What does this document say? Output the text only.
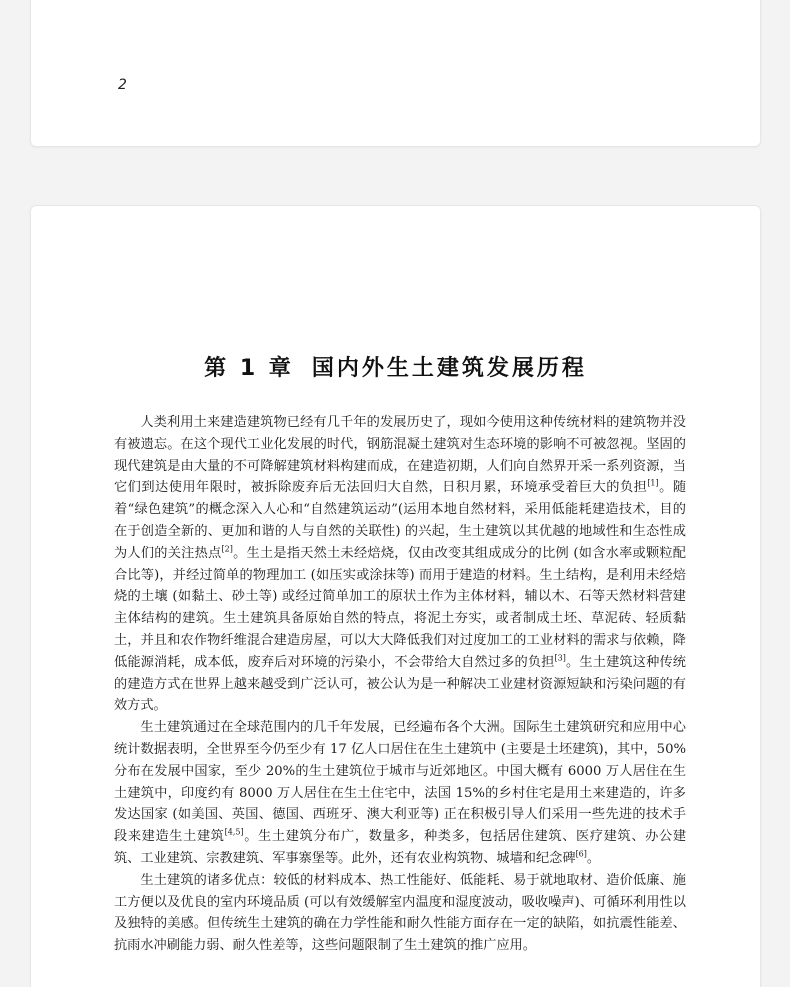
2
第 1 章 国内外生土建筑发展历程

人类利用土来建造建筑物已经有几千年的发展历史了，现如今使用这种传统材料的建筑物并没有被遗忘。在这个现代工业化发展的时代，钢筋混凝土建筑对生态环境的影响不可被忽视。坚固的现代建筑是由大量的不可降解建筑材料构建而成，在建造初期，人们向自然界开采一系列资源，当它们到达使用年限时，被拆除废弃后无法回归大自然，日积月累，环境承受着巨大的负担[1]。随着“绿色建筑”的概念深入人心和“自然建筑运动”(运用本地自然材料，采用低能耗建造技术，目的在于创造全新的、更加和谐的人与自然的关联性) 的兴起，生土建筑以其优越的地域性和生态性成为人们的关注热点[2]。生土是指天然土未经焙烧，仅由改变其组成成分的比例 (如含水率或颗粒配合比等)，并经过简单的物理加工 (如压实或涂抹等) 而用于建造的材料。生土结构，是利用未经焙烧的土壤 (如黏土、砂土等) 或经过简单加工的原状土作为主体材料，辅以木、石等天然材料营建主体结构的建筑。生土建筑具备原始自然的特点，将泥土夯实，或者制成土坯、草泥砖、轻质黏土，并且和农作物纤维混合建造房屋，可以大大降低我们对过度加工的工业材料的需求与依赖，降低能源消耗，成本低，废弃后对环境的污染小，不会带给大自然过多的负担[3]。生土建筑这种传统的建造方式在世界上越来越受到广泛认可，被公认为是一种解决工业建材资源短缺和污染问题的有效方式。

生土建筑通过在全球范围内的几千年发展，已经遍布各个大洲。国际生土建筑研究和应用中心统计数据表明，全世界至今仍至少有 17 亿人口居住在生土建筑中 (主要是土坯建筑)，其中，50%分布在发展中国家，至少 20%的生土建筑位于城市与近郊地区。中国大概有 6000 万人居住在生土建筑中，印度约有 8000 万人居住在生土住宅中，法国 15%的乡村住宅是用土来建造的，许多发达国家 (如美国、英国、德国、西班牙、澳大利亚等) 正在积极引导人们采用一些先进的技术手段来建造生土建筑[4,5]。生土建筑分布广，数量多，种类多，包括居住建筑、医疗建筑、办公建筑、工业建筑、宗教建筑、军事寨堡等。此外，还有农业构筑物、城墙和纪念碑[6]。

生土建筑的诸多优点：较低的材料成本、热工性能好、低能耗、易于就地取材、造价低廉、施工方便以及优良的室内环境品质 (可以有效缓解室内温度和湿度波动，吸收噪声)、可循环利用性以及独特的美感。但传统生土建筑的确在力学性能和耐久性能方面存在一定的缺陷，如抗震性能差、抗雨水冲刷能力弱、耐久性差等，这些问题限制了生土建筑的推广应用。
